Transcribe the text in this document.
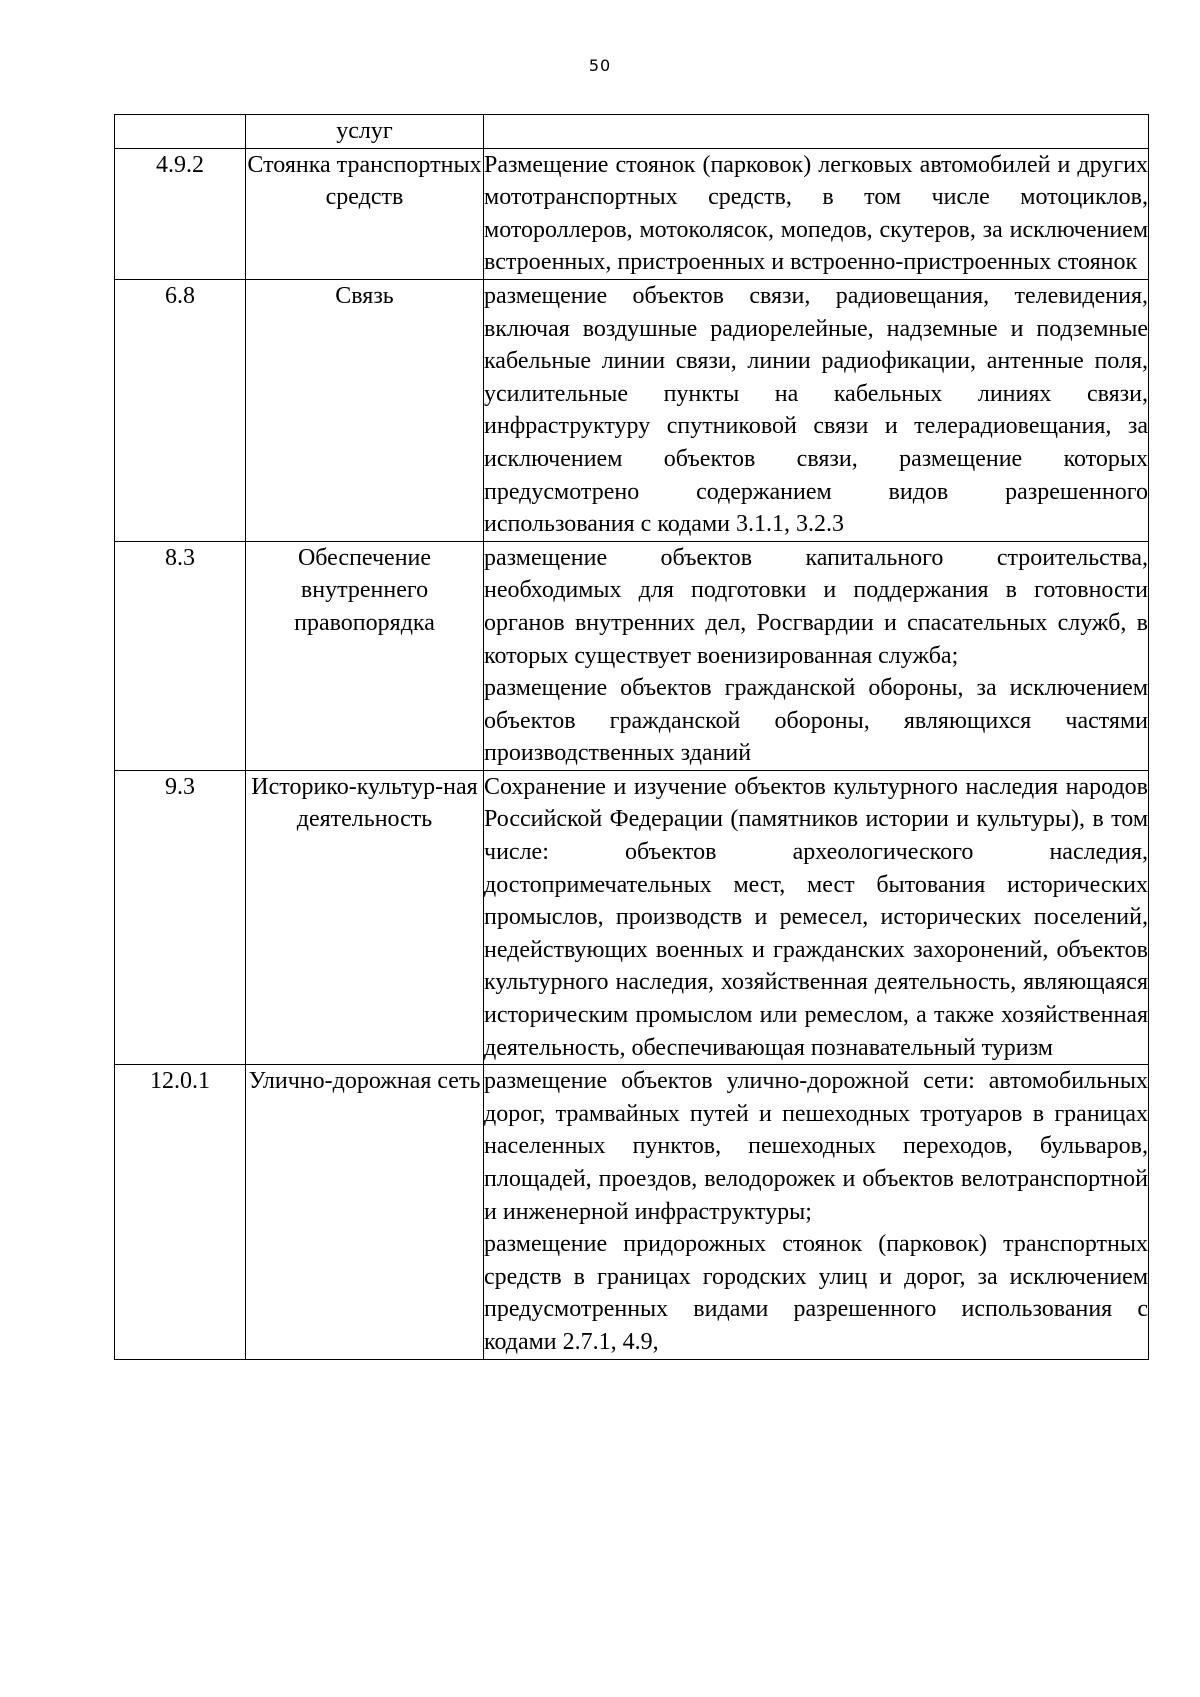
50
	услуг	
4.9.2	Стоянка транспортных средств	Размещение стоянок (парковок) легковых автомобилей и других мототранспортных средств, в том числе мотоциклов, мотороллеров, мотоколясок, мопедов, скутеров, за исключением встроенных, пристроенных и встроенно-пристроенных стоянок

6.8	Связь	размещение объектов связи, радиовещания, телевидения, включая воздушные радиорелейные, надземные и подземные кабельные линии связи, линии радиофикации, антенные поля, усилительные пункты на кабельных линиях связи, инфраструктуру спутниковой связи и телерадиовещания, за исключением объектов связи, размещение которых предусмотрено содержанием видов разрешенного использования с кодами 3.1.1, 3.2.3

8.3	Обеспечение внутреннего правопорядка	размещение объектов капитального строительства, необходимых для подготовки и поддержания в готовности органов внутренних дел, Росгвардии и спасательных служб, в которых существует военизированная служба;

размещение объектов гражданской обороны, за исключением объектов гражданской обороны, являющихся частями производственных зданий

9.3	Историко-культур-ная деятельность	Сохранение и изучение объектов культурного наследия народов Российской Федерации (памятников истории и культуры), в том числе: объектов археологического наследия, достопримечательных мест, мест бытования исторических промыслов, производств и ремесел, исторических поселений, недействующих военных и гражданских захоронений, объектов культурного наследия, хозяйственная деятельность, являющаяся историческим промыслом или ремеслом, а также хозяйственная деятельность, обеспечивающая познавательный туризм

12.0.1	Улично-дорожная сеть	размещение объектов улично-дорожной сети: автомобильных дорог, трамвайных путей и пешеходных тротуаров в границах населенных пунктов, пешеходных переходов, бульваров, площадей, проездов, велодорожек и объектов велотранспортной и инженерной инфраструктуры;

размещение придорожных стоянок (парковок) транспортных средств в границах городских улиц и дорог, за исключением предусмотренных видами разрешенного использования с кодами 2.7.1, 4.9,
